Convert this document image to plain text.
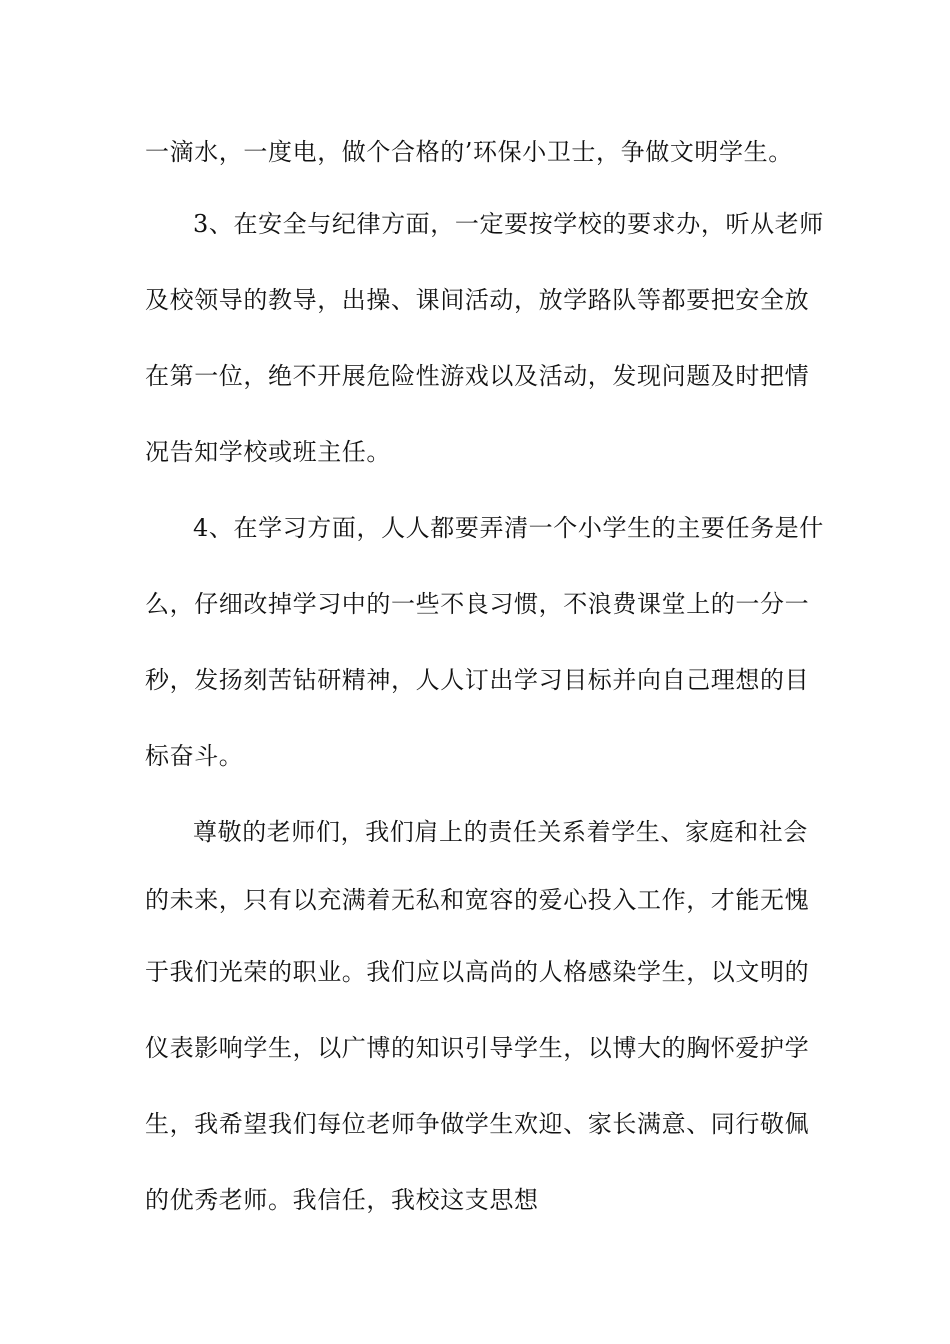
一滴水，一度电，做个合格的’环保小卫士，争做文明学生。
3、在安全与纪律方面，一定要按学校的要求办，听从老师
及校领导的教导，出操、课间活动，放学路队等都要把安全放
在第一位，绝不开展危险性游戏以及活动，发现问题及时把情
况告知学校或班主任。
4、在学习方面，人人都要弄清一个小学生的主要任务是什
么，仔细改掉学习中的一些不良习惯，不浪费课堂上的一分一
秒，发扬刻苦钻研精神，人人订出学习目标并向自己理想的目
标奋斗。
尊敬的老师们，我们肩上的责任关系着学生、家庭和社会
的未来，只有以充满着无私和宽容的爱心投入工作，才能无愧
于我们光荣的职业。我们应以高尚的人格感染学生，以文明的
仪表影响学生，以广博的知识引导学生，以博大的胸怀爱护学
生，我希望我们每位老师争做学生欢迎、家长满意、同行敬佩
的优秀老师。我信任，我校这支思想
